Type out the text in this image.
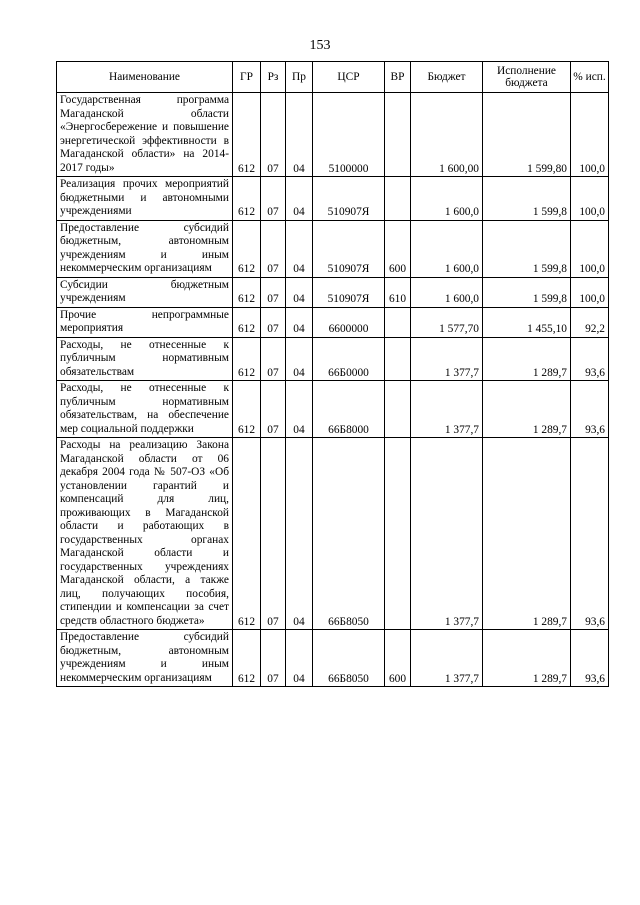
153
Наименование	ГР	Рз	Пр	ЦСР	ВР	Бюджет	Исполнение бюджета	% исп.
Государственная программа Магаданской области «Энергосбережение и повышение энергетической эффективности в Магаданской области» на 2014-2017 годы»	612	07	04	5100000		1 600,00	1 599,80	100,0
Реализация прочих мероприятий бюджетными и автономными учреждениями	612	07	04	510907Я		1 600,0	1 599,8	100,0
Предоставление субсидий бюджетным, автономным учреждениям и иным некоммерческим организациям	612	07	04	510907Я	600	1 600,0	1 599,8	100,0
Субсидии бюджетным учреждениям	612	07	04	510907Я	610	1 600,0	1 599,8	100,0
Прочие непрограммные мероприятия	612	07	04	6600000		1 577,70	1 455,10	92,2
Расходы, не отнесенные к публичным нормативным обязательствам	612	07	04	66Б0000		1 377,7	1 289,7	93,6
Расходы, не отнесенные к публичным нормативным обязательствам, на обеспечение мер социальной поддержки	612	07	04	66Б8000		1 377,7	1 289,7	93,6
Расходы на реализацию Закона Магаданской области от 06 декабря 2004 года № 507-ОЗ «Об установлении гарантий и компенсаций для лиц, проживающих в Магаданской области и работающих в государственных органах Магаданской области и государственных учреждениях Магаданской области, а также лиц, получающих пособия, стипендии и компенсации за счет средств областного бюджета»	612	07	04	66Б8050		1 377,7	1 289,7	93,6
Предоставление субсидий бюджетным, автономным учреждениям и иным некоммерческим организациям	612	07	04	66Б8050	600	1 377,7	1 289,7	93,6
